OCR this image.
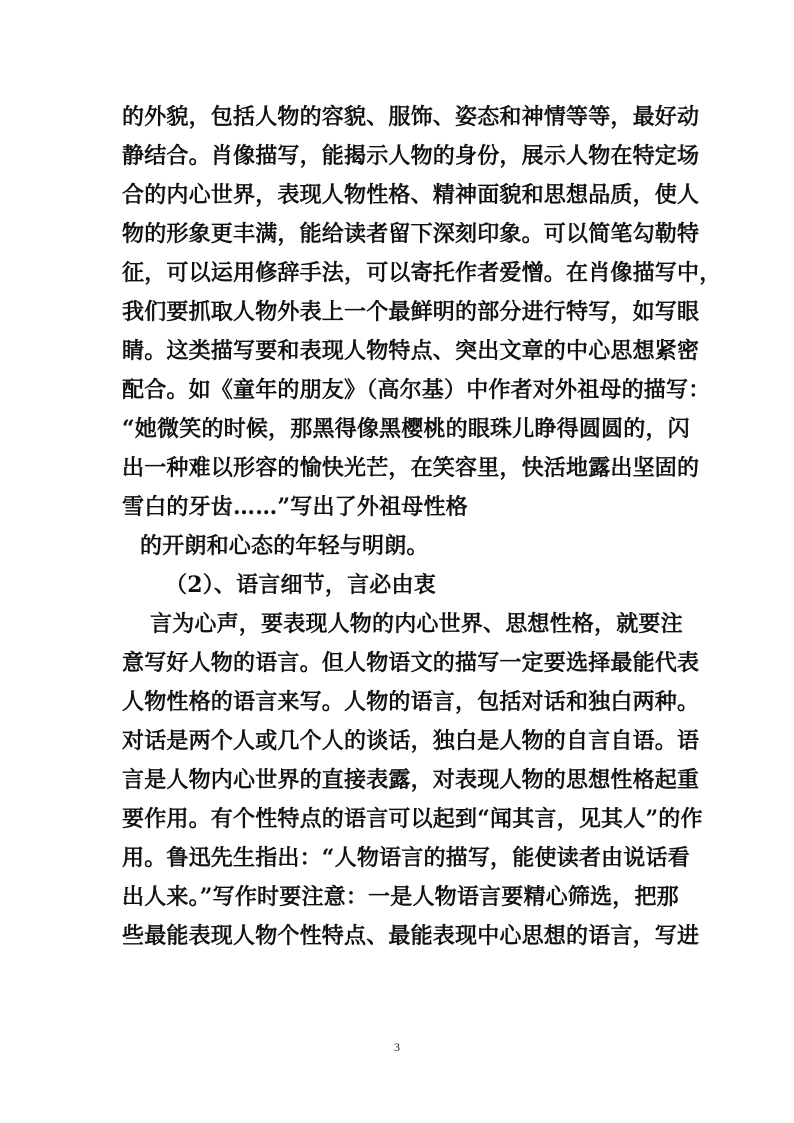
的外貌，包括人物的容貌、服饰、姿态和神情等等，最好动
静结合。肖像描写，能揭示人物的身份，展示人物在特定场
合的内心世界，表现人物性格、精神面貌和思想品质，使人
物的形象更丰满，能给读者留下深刻印象。可以简笔勾勒特
征，可以运用修辞手法，可以寄托作者爱憎。在肖像描写中，
我们要抓取人物外表上一个最鲜明的部分进行特写，如写眼
睛。这类描写要和表现人物特点、突出文章的中心思想紧密
配合。如《童年的朋友》（高尔基）中作者对外祖母的描写：
“她微笑的时候，那黑得像黑樱桃的眼珠儿睁得圆圆的，闪
出一种难以形容的愉快光芒，在笑容里，快活地露出坚固的
雪白的牙齿……”写出了外祖母性格
的开朗和心态的年轻与明朗。
（2）、语言细节，言必由衷
言为心声，要表现人物的内心世界、思想性格，就要注
意写好人物的语言。但人物语文的描写一定要选择最能代表
人物性格的语言来写。人物的语言，包括对话和独白两种。
对话是两个人或几个人的谈话，独白是人物的自言自语。语
言是人物内心世界的直接表露，对表现人物的思想性格起重
要作用。有个性特点的语言可以起到“闻其言，见其人”的作
用。鲁迅先生指出：“人物语言的描写，能使读者由说话看
出人来。”写作时要注意：一是人物语言要精心筛选，把那
些最能表现人物个性特点、最能表现中心思想的语言，写进
3
